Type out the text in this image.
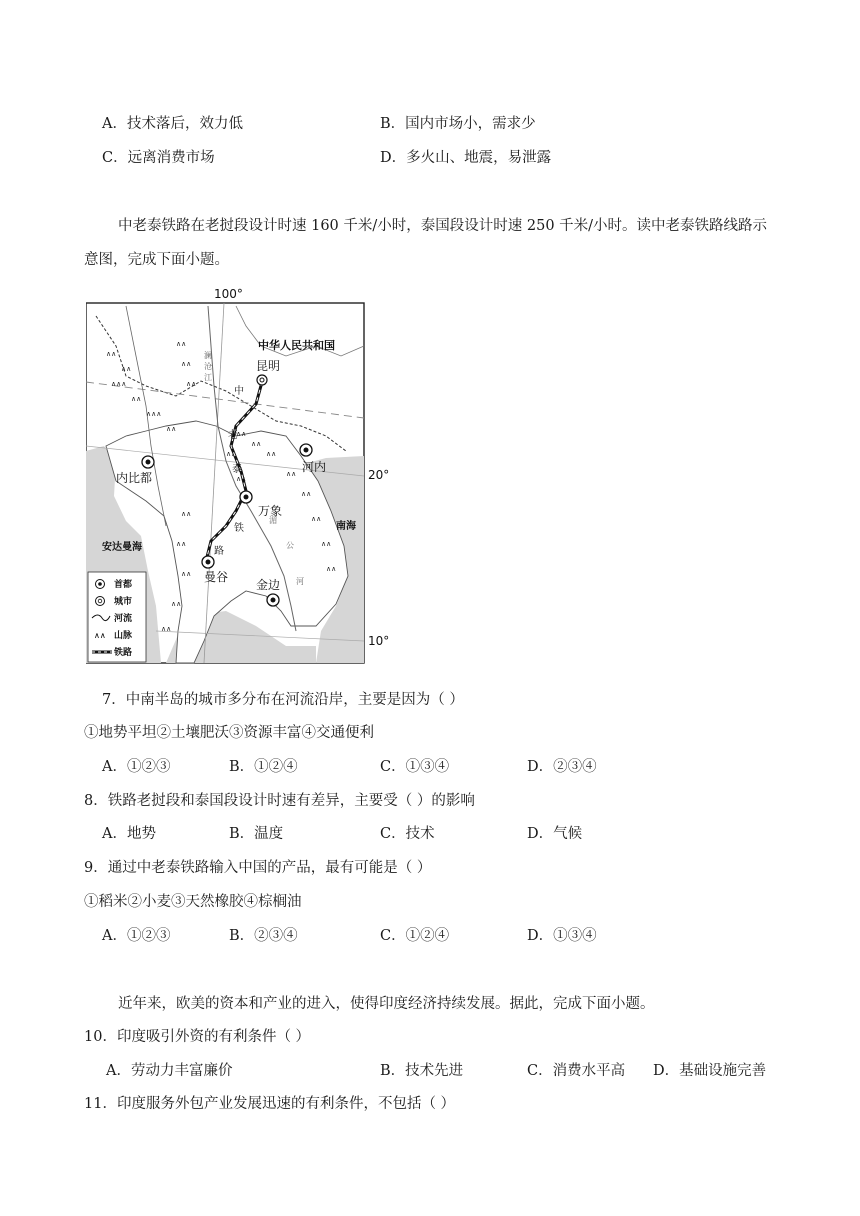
A．技术落后，效力低	B．国内市场小，需求少
C．远离消费市场	D．多火山、地震，易泄露
中老泰铁路在老挝段设计时速 160 千米/小时，泰国段设计时速 250 千米/小时。读中老泰铁路线路示
意图，完成下面小题。
100°
∧∧
∧∧
∧∧∧
∧∧
∧∧∧
∧∧
∧∧
∧∧
∧∧
∧∧
∧∧
∧∧
∧∧
∧∧
∧∧
∧∧
∧∧
∧∧
∧∧
∧∧
∧∧
∧∧
∧∧
∧∧
中华人民共和国
昆明
中
老
泰
铁
路
河内
内比都
万象
曼谷
金边
南海
安达曼海
澜
沧
江
湄
公
河
20°
10°
∧∧
首都
城市
河流
山脉
铁路
7．中南半岛的城市多分布在河流沿岸，主要是因为（ ）
①地势平坦②土壤肥沃③资源丰富④交通便利
A．①②③	B．①②④	C．①③④	D．②③④
8．铁路老挝段和泰国段设计时速有差异，主要受（ ）的影响
A．地势	B．温度	C．技术	D．气候
9．通过中老泰铁路输入中国的产品，最有可能是（ ）
①稻米②小麦③天然橡胶④棕榈油
A．①②③	B．②③④	C．①②④	D．①③④
近年来，欧美的资本和产业的进入，使得印度经济持续发展。据此，完成下面小题。
10．印度吸引外资的有利条件（ ）
A．劳动力丰富廉价	B．技术先进	C．消费水平高 D．基础设施完善
11．印度服务外包产业发展迅速的有利条件，不包括（ ）
